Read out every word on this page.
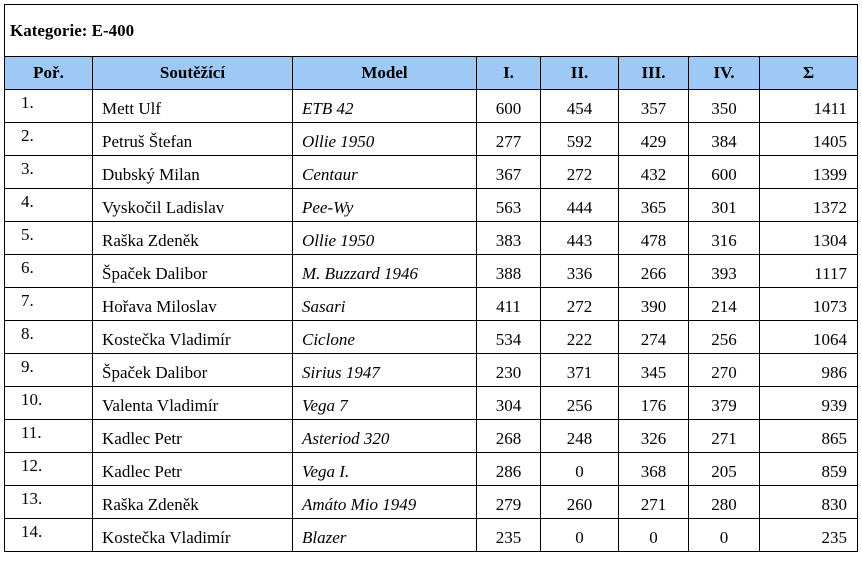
Kategorie: E-400							
Poř.	Soutěžící	Model	I.	II.	III.	IV.	Σ
1.	Mett Ulf	ETB 42	600	454	357	350	1411
2.	Petruš Štefan	Ollie 1950	277	592	429	384	1405
3.	Dubský Milan	Centaur	367	272	432	600	1399
4.	Vyskočil Ladislav	Pee-Wy	563	444	365	301	1372
5.	Raška Zdeněk	Ollie 1950	383	443	478	316	1304
6.	Špaček Dalibor	M. Buzzard 1946	388	336	266	393	1117
7.	Hořava Miloslav	Sasari	411	272	390	214	1073
8.	Kostečka Vladimír	Ciclone	534	222	274	256	1064
9.	Špaček Dalibor	Sirius 1947	230	371	345	270	986
10.	Valenta Vladimír	Vega 7	304	256	176	379	939
11.	Kadlec Petr	Asteriod 320	268	248	326	271	865
12.	Kadlec Petr	Vega I.	286	0	368	205	859
13.	Raška Zdeněk	Amáto Mio 1949	279	260	271	280	830
14.	Kostečka Vladimír	Blazer	235	0	0	0	235
